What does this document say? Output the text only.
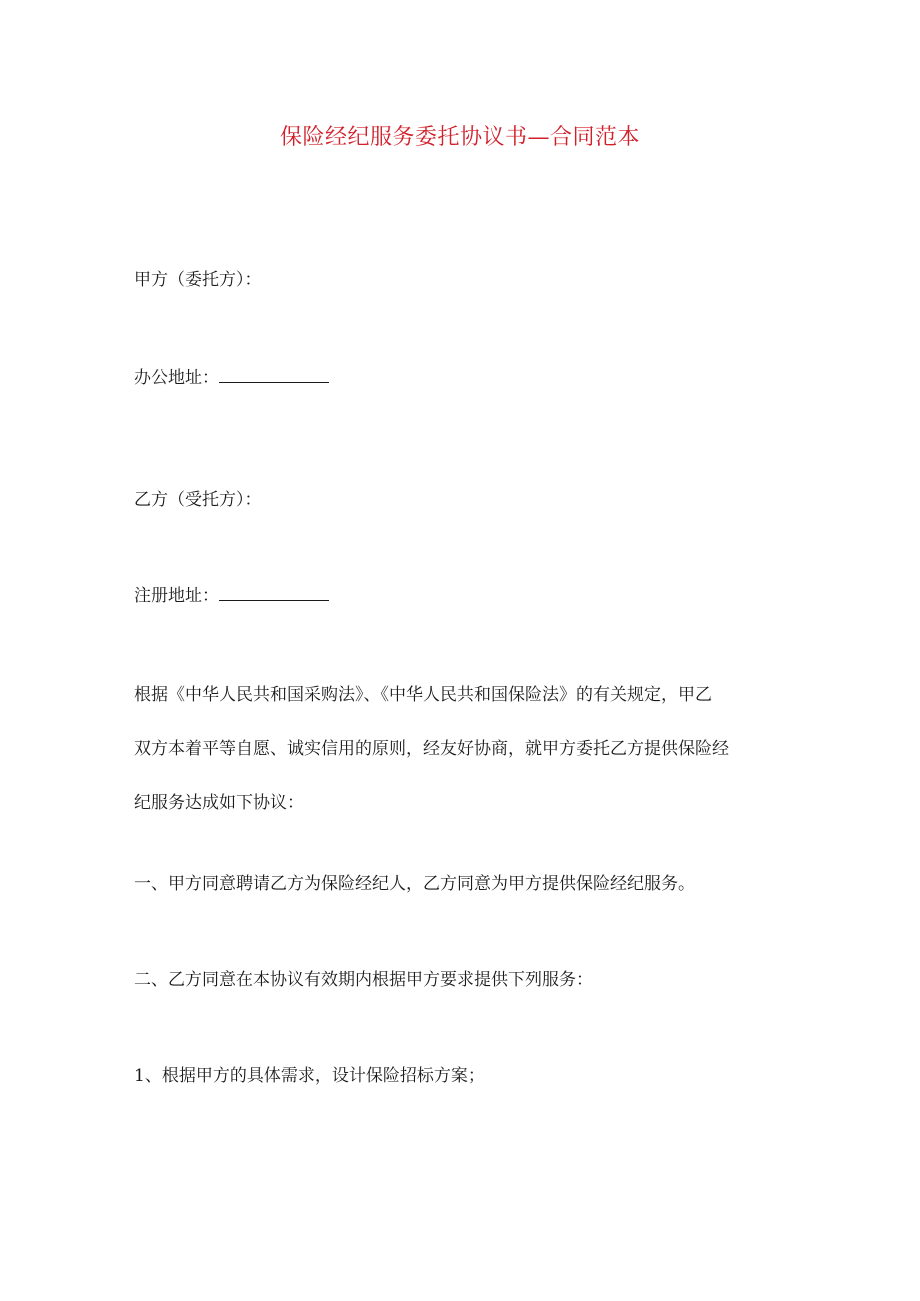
保险经纪服务委托协议书—合同范本
甲方（委托方）：
办公地址：
乙方（受托方）：
注册地址：
根据《中华人民共和国采购法》、《中华人民共和国保险法》的有关规定，甲乙
双方本着平等自愿、诚实信用的原则，经友好协商，就甲方委托乙方提供保险经
纪服务达成如下协议：
一、甲方同意聘请乙方为保险经纪人，乙方同意为甲方提供保险经纪服务。
二、乙方同意在本协议有效期内根据甲方要求提供下列服务：
1、根据甲方的具体需求，设计保险招标方案；
